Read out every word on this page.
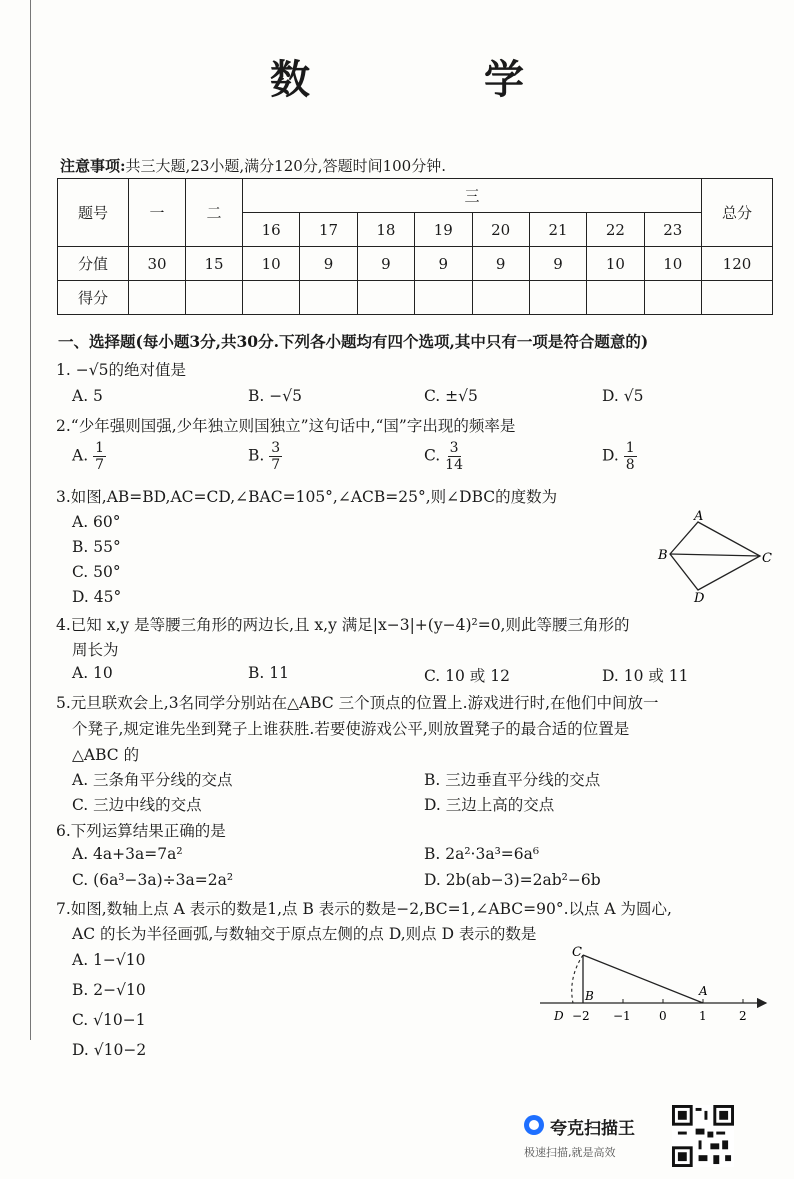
数 学
注意事项:共三大题,23小题,满分120分,答题时间100分钟.
题号	一	二	三								总分
			16	17	18	19	20	21	22	23	
分值	30	15	10	9	9	9	9	9	10	10	120
得分											
一、选择题(每小题3分,共30分.下列各小题均有四个选项,其中只有一项是符合题意的)
1. −√5的绝对值是
A. 5	B. −√5	C. ±√5	D. √5
2.“少年强则国强,少年独立则国独立”这句话中,“国”字出现的频率是
A. $\frac{1}{7}$	B. $\frac{3}{7}$	C. $\frac{3}{14}$	D. $\frac{1}{8}$
3.如图,AB=BD,AC=CD,∠BAC=105°,∠ACB=25°,则∠DBC的度数为
A. 60°
B. 55°
C. 50°
D. 45°
A
B	C
D
4.已知 x,y 是等腰三角形的两边长,且 x,y 满足|x−3|+(y−4)²=0,则此等腰三角形的
周长为
A. 10	B. 11	C. 10 或 12	D. 10 或 11
5.元旦联欢会上,3名同学分别站在△ABC 三个顶点的位置上.游戏进行时,在他们中间放一
个凳子,规定谁先坐到凳子上谁获胜.若要使游戏公平,则放置凳子的最合适的位置是
△ABC 的
A. 三条角平分线的交点	B. 三边垂直平分线的交点
C. 三边中线的交点	D. 三边上高的交点
6.下列运算结果正确的是
A. 4a+3a=7a²	B. 2a²·3a³=6a⁶
C. (6a³−3a)÷3a=2a²	D. 2b(ab−3)=2ab²−6b
7.如图,数轴上点 A 表示的数是1,点 B 表示的数是−2,BC=1,∠ABC=90°.以点 A 为圆心,
AC 的长为半径画弧,与数轴交于原点左侧的点 D,则点 D 表示的数是
A. 1−√10
B. 2−√10
C. √10−1
D. √10−2
C
B	A
D −2 −1 0	1	2
夸克扫描王
极速扫描,就是高效
